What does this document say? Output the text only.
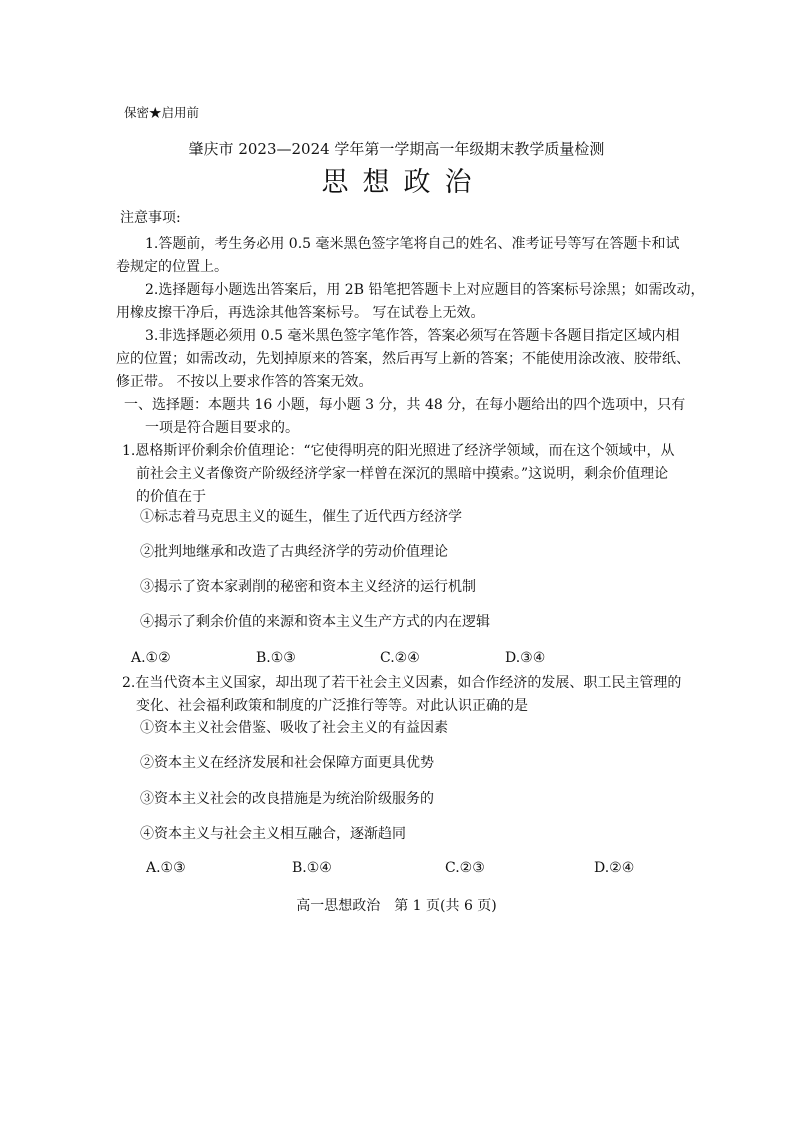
保密★启用前
肇庆市 2023—2024 学年第一学期高一年级期末教学质量检测
思想政治
注意事项:
1.答题前，考生务必用 0.5 毫米黑色签字笔将自己的姓名、准考证号等写在答题卡和试
卷规定的位置上。
2.选择题每小题选出答案后，用 2B 铅笔把答题卡上对应题目的答案标号涂黑；如需改动，
用橡皮擦干净后，再选涂其他答案标号。 写在试卷上无效。
3.非选择题必须用 0.5 毫米黑色签字笔作答，答案必须写在答题卡各题目指定区域内相
应的位置；如需改动，先划掉原来的答案，然后再写上新的答案；不能使用涂改液、胶带纸、
修正带。 不按以上要求作答的答案无效。
一、选择题：本题共 16 小题，每小题 3 分，共 48 分，在每小题给出的四个选项中，只有
一项是符合题目要求的。
1.恩格斯评价剩余价值理论：“它使得明亮的阳光照进了经济学领域，而在这个领域中，从
前社会主义者像资产阶级经济学家一样曾在深沉的黑暗中摸索。”这说明，剩余价值理论
的价值在于
①标志着马克思主义的诞生，催生了近代西方经济学
②批判地继承和改造了古典经济学的劳动价值理论
③揭示了资本家剥削的秘密和资本主义经济的运行机制
④揭示了剩余价值的来源和资本主义生产方式的内在逻辑
A.①②	B.①③	C.②④	D.③④
2.在当代资本主义国家，却出现了若干社会主义因素，如合作经济的发展、职工民主管理的
变化、社会福利政策和制度的广泛推行等等。对此认识正确的是
①资本主义社会借鉴、吸收了社会主义的有益因素
②资本主义在经济发展和社会保障方面更具优势
③资本主义社会的改良措施是为统治阶级服务的
④资本主义与社会主义相互融合，逐渐趋同
A.①③	B.①④	C.②③	D.②④
高一思想政治　第 1 页(共 6 页)
